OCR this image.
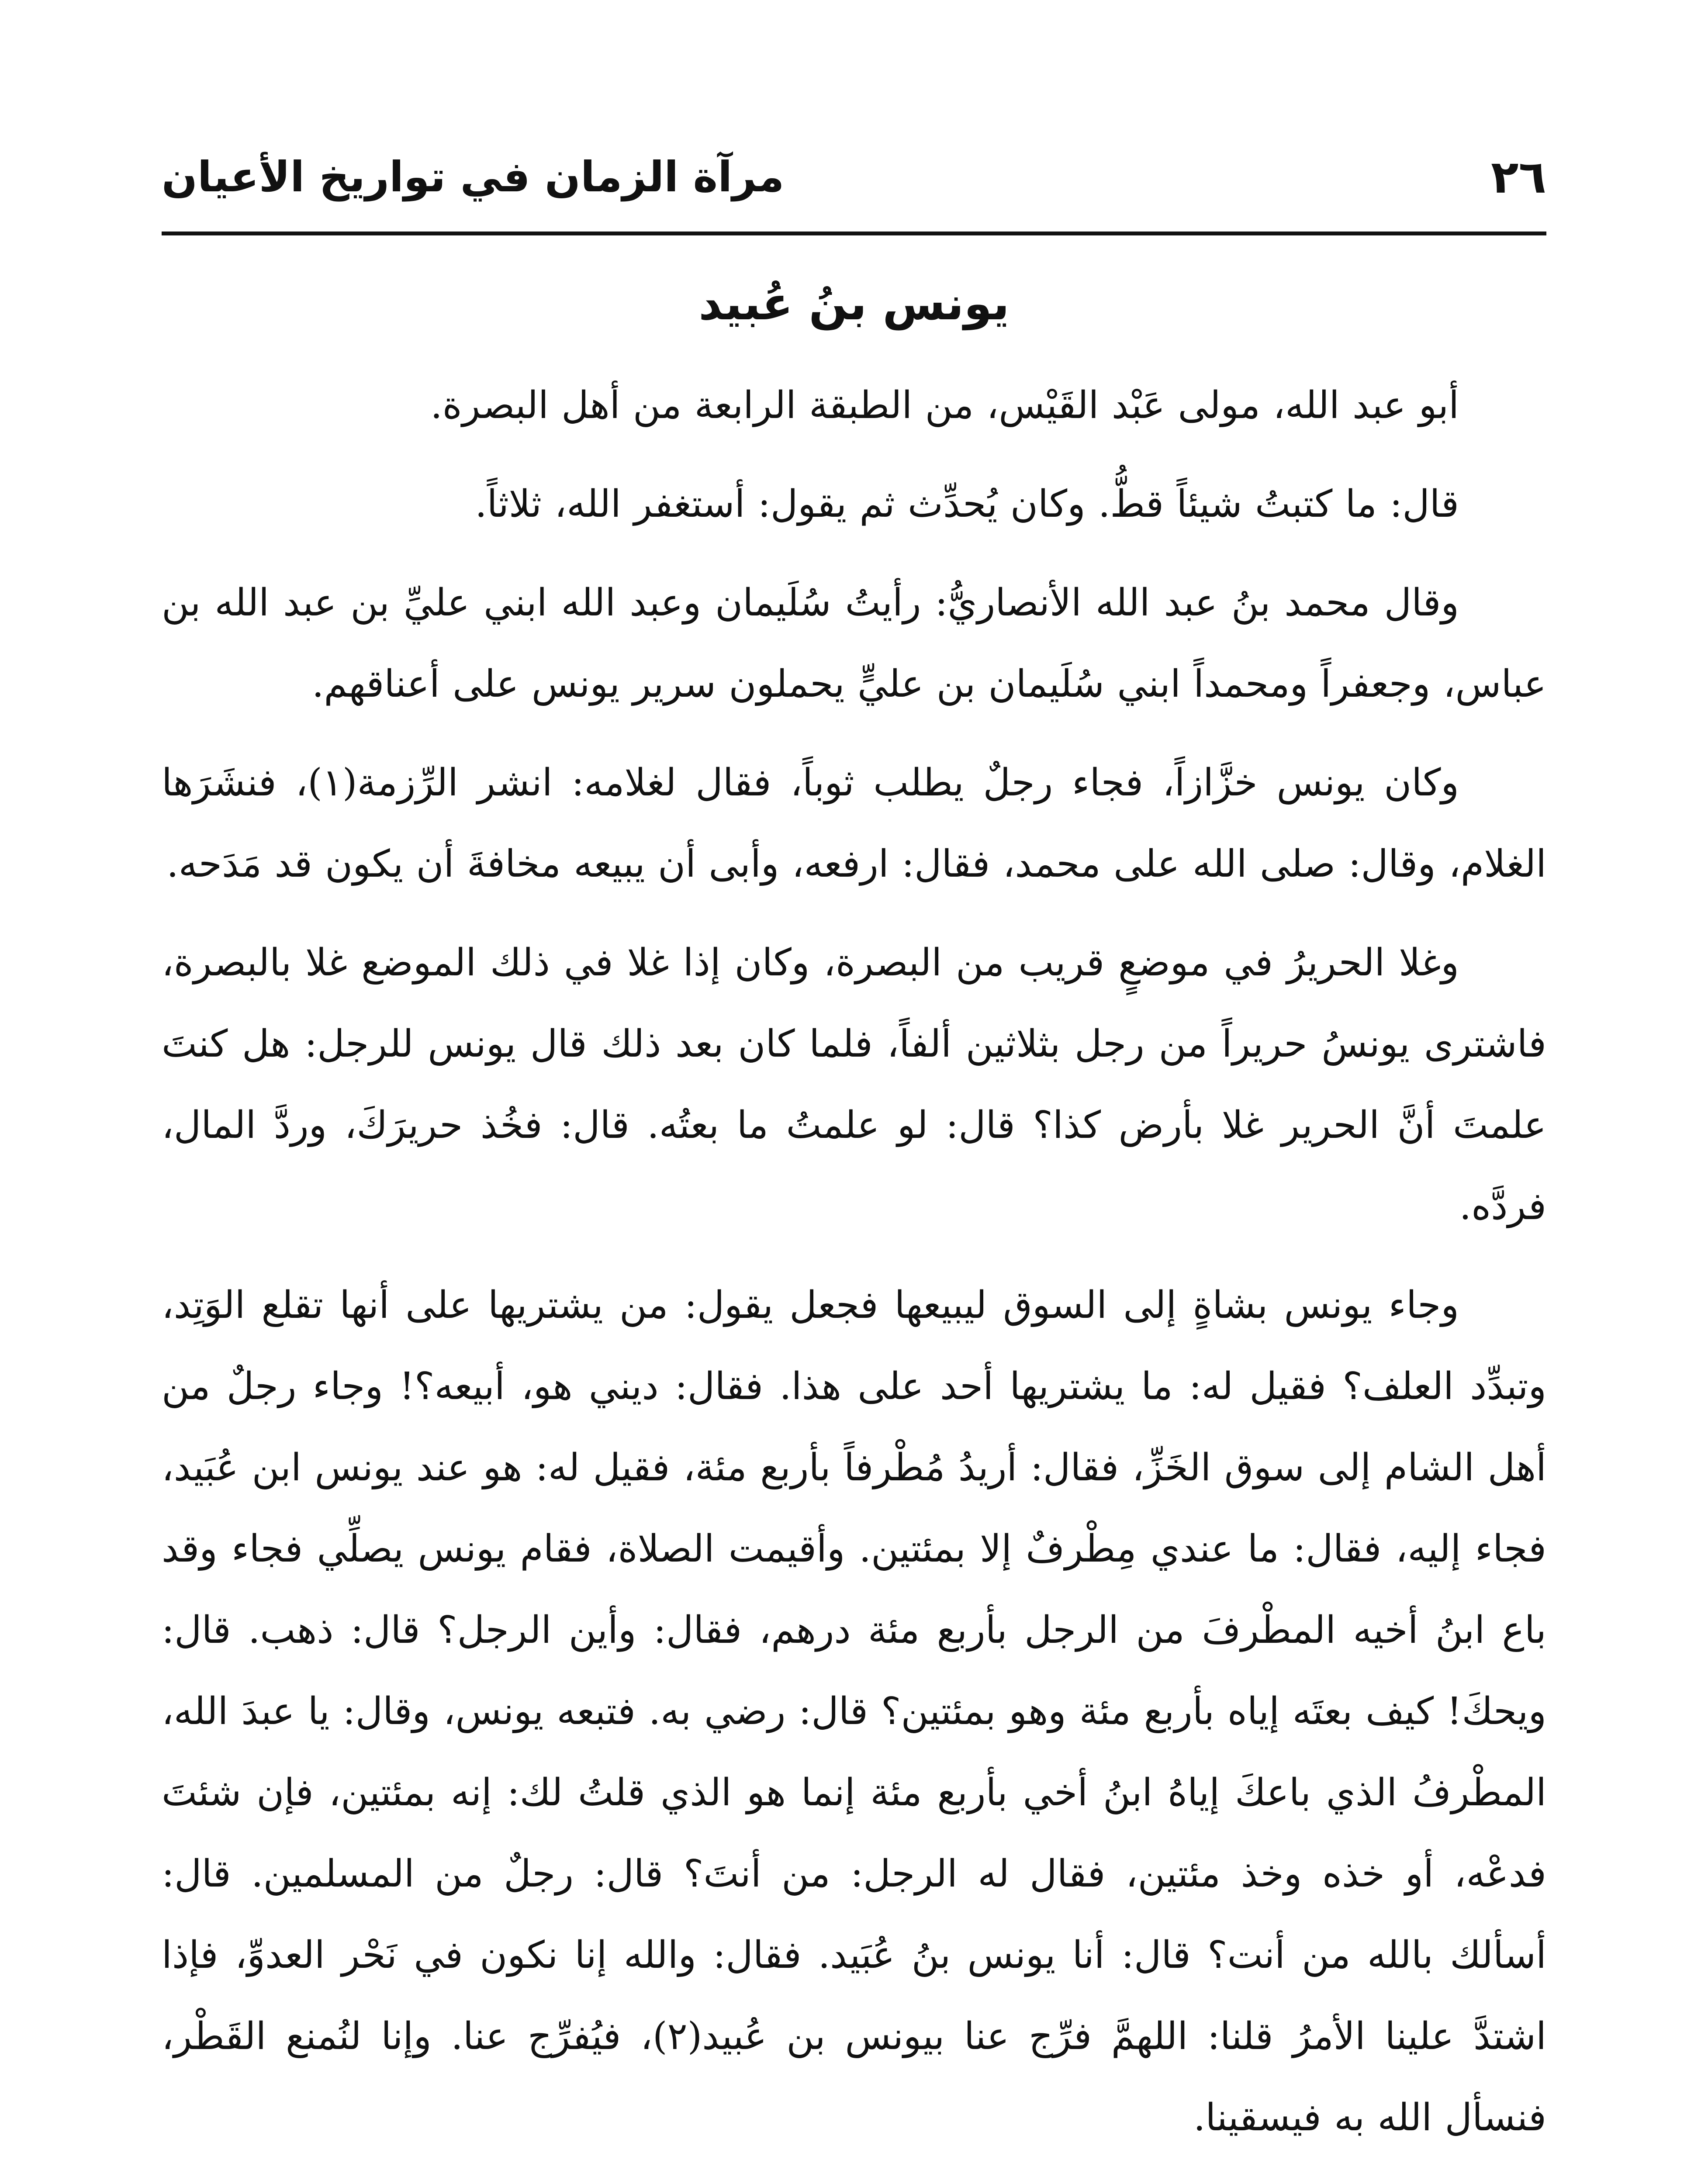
مرآة الزمان في تواريخ الأعيان	٢٦
يونس بنُ عُبيد

أبو عبد الله، مولى عَبْد القَيْس، من الطبقة الرابعة من أهل البصرة.

قال: ما كتبتُ شيئاً قطُّ. وكان يُحدِّث ثم يقول: أستغفر الله، ثلاثاً.

وقال محمد بنُ عبد الله الأنصاريُّ: رأيتُ سُلَيمان وعبد الله ابني عليِّ بن عبد الله بن عباس، وجعفراً ومحمداً ابني سُلَيمان بن عليٍّ يحملون سرير يونس على أعناقهم.

وكان يونس خزَّازاً، فجاء رجلٌ يطلب ثوباً، فقال لغلامه: انشر الرِّزمة(١)، فنشَرَها الغلام، وقال: صلى الله على محمد، فقال: ارفعه، وأبى أن يبيعه مخافةَ أن يكون قد مَدَحه.

وغلا الحريرُ في موضعٍ قريب من البصرة، وكان إذا غلا في ذلك الموضع غلا بالبصرة، فاشترى يونسُ حريراً من رجل بثلاثين ألفاً، فلما كان بعد ذلك قال يونس للرجل: هل كنتَ علمتَ أنَّ الحرير غلا بأرض كذا؟ قال: لو علمتُ ما بعتُه. قال: فخُذ حريرَكَ، وردَّ المال، فردَّه.

وجاء يونس بشاةٍ إلى السوق ليبيعها فجعل يقول: من يشتريها على أنها تقلع الوَتِد، وتبدِّد العلف؟ فقيل له: ما يشتريها أحد على هذا. فقال: ديني هو، أبيعه؟! وجاء رجلٌ من أهل الشام إلى سوق الخَزِّ، فقال: أريدُ مُطْرفاً بأربع مئة، فقيل له: هو عند يونس ابن عُبَيد، فجاء إليه، فقال: ما عندي مِطْرفٌ إلا بمئتين. وأقيمت الصلاة، فقام يونس يصلِّي فجاء وقد باع ابنُ أخيه المطْرفَ من الرجل بأربع مئة درهم، فقال: وأين الرجل؟ قال: ذهب. قال: ويحكَ! كيف بعتَه إياه بأربع مئة وهو بمئتين؟ قال: رضي به. فتبعه يونس، وقال: يا عبدَ الله، المطْرفُ الذي باعكَ إياهُ ابنُ أخي بأربع مئة إنما هو الذي قلتُ لك: إنه بمئتين، فإن شئتَ فدعْه، أو خذه وخذ مئتين، فقال له الرجل: من أنتَ؟ قال: رجلٌ من المسلمين. قال: أسألك بالله من أنت؟ قال: أنا يونس بنُ عُبَيد. فقال: والله إنا نكون في نَحْر العدوِّ، فإذا اشتدَّ علينا الأمرُ قلنا: اللهمَّ فرِّج عنا بيونس بن عُبيد(٢)، فيُفرِّج عنا. وإنا لنُمنع القَطْر، فنسأل الله به فيسقينا.
